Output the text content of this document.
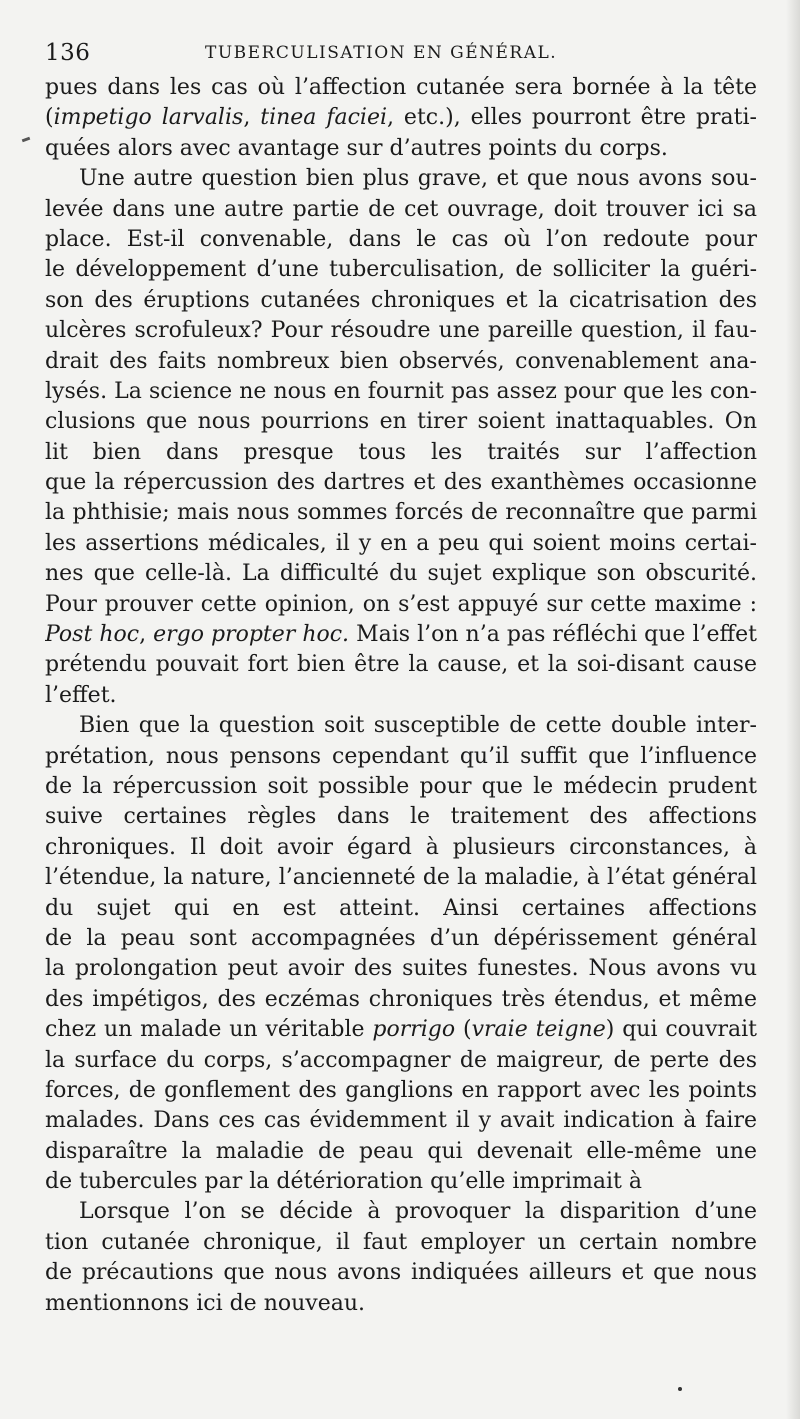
136	TUBERCULISATION EN GÉNÉRAL.
pues dans les cas où l’affection cutanée sera bornée à la tête
(impetigo larvalis, tinea faciei, etc.), elles pourront être prati-
quées alors avec avantage sur d’autres points du corps.
Une autre question bien plus grave, et que nous avons sou-
levée dans une autre partie de cet ouvrage, doit trouver ici sa
place. Est-il convenable, dans le cas où l’on redoute pour
le développement d’une tuberculisation, de solliciter la guéri-
son des éruptions cutanées chroniques et la cicatrisation des
ulcères scrofuleux? Pour résoudre une pareille question, il fau-
drait des faits nombreux bien observés, convenablement ana-
lysés. La science ne nous en fournit pas assez pour que les con-
clusions que nous pourrions en tirer soient inattaquables. On
lit bien dans presque tous les traités sur l’affection
que la répercussion des dartres et des exanthèmes occasionne
la phthisie; mais nous sommes forcés de reconnaître que parmi
les assertions médicales, il y en a peu qui soient moins certai-
nes que celle-là. La difficulté du sujet explique son obscurité.
Pour prouver cette opinion, on s’est appuyé sur cette maxime :
Post hoc, ergo propter hoc. Mais l’on n’a pas réfléchi que l’effet
prétendu pouvait fort bien être la cause, et la soi-disant cause
l’effet.
Bien que la question soit susceptible de cette double inter-
prétation, nous pensons cependant qu’il suffit que l’influence
de la répercussion soit possible pour que le médecin prudent
suive certaines règles dans le traitement des affections
chroniques. Il doit avoir égard à plusieurs circonstances, à
l’étendue, la nature, l’ancienneté de la maladie, à l’état général
du sujet qui en est atteint. Ainsi certaines affections
de la peau sont accompagnées d’un dépérissement général
la prolongation peut avoir des suites funestes. Nous avons vu
des impétigos, des eczémas chroniques très étendus, et même
chez un malade un véritable porrigo (vraie teigne) qui couvrait
la surface du corps, s’accompagner de maigreur, de perte des
forces, de gonflement des ganglions en rapport avec les points
malades. Dans ces cas évidemment il y avait indication à faire
disparaître la maladie de peau qui devenait elle-même une
de tubercules par la détérioration qu’elle imprimait à
Lorsque l’on se décide à provoquer la disparition d’une
tion cutanée chronique, il faut employer un certain nombre
de précautions que nous avons indiquées ailleurs et que nous
mentionnons ici de nouveau.
